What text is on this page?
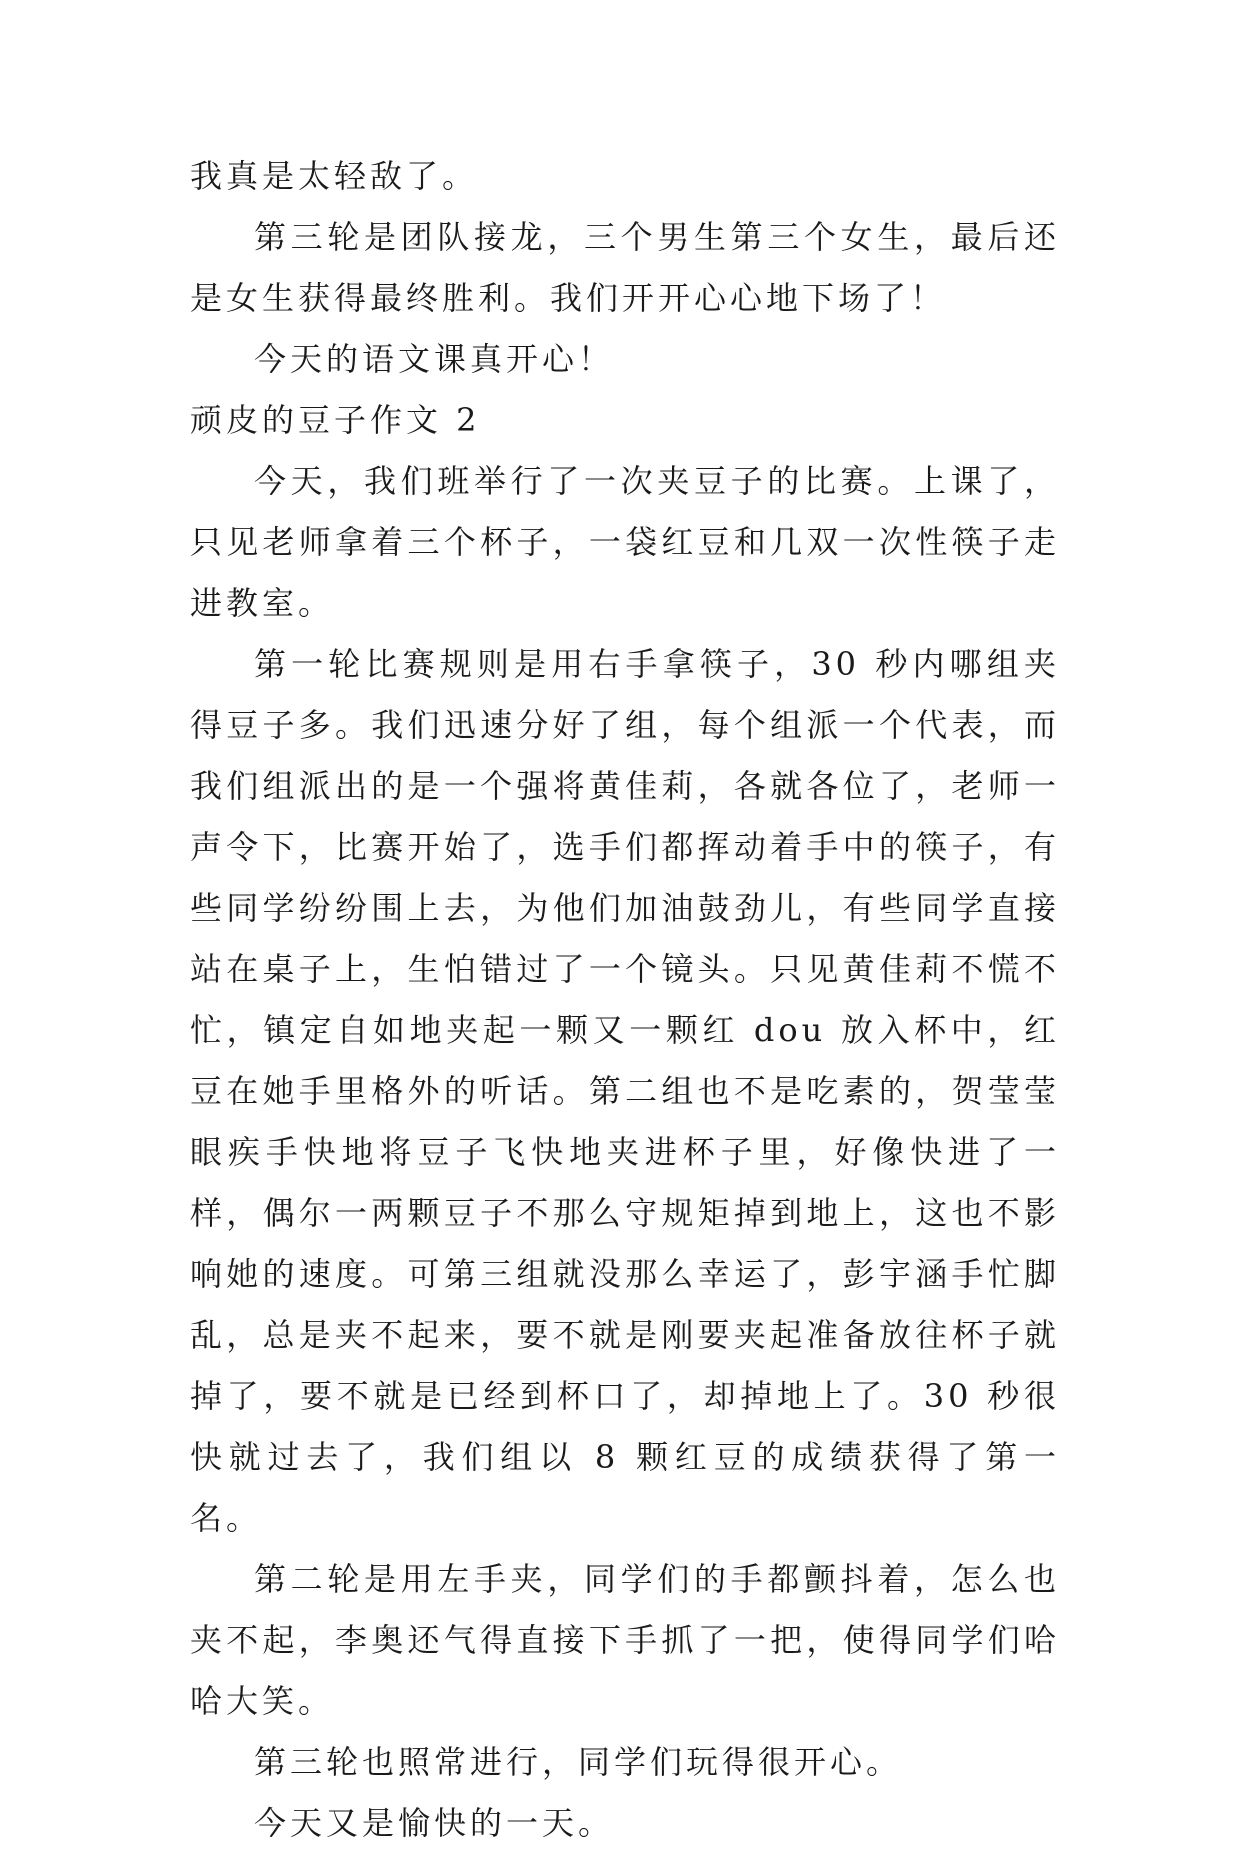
我真是太轻敌了。

第三轮是团队接龙，三个男生第三个女生，最后还是女生获得最终胜利。我们开开心心地下场了！

今天的语文课真开心！

顽皮的豆子作文 2

今天，我们班举行了一次夹豆子的比赛。上课了，只见老师拿着三个杯子，一袋红豆和几双一次性筷子走进教室。

第一轮比赛规则是用右手拿筷子，30 秒内哪组夹得豆子多。我们迅速分好了组，每个组派一个代表，而我们组派出的是一个强将黄佳莉，各就各位了，老师一声令下，比赛开始了，选手们都挥动着手中的筷子，有些同学纷纷围上去，为他们加油鼓劲儿，有些同学直接站在桌子上，生怕错过了一个镜头。只见黄佳莉不慌不忙，镇定自如地夹起一颗又一颗红 dou 放入杯中，红豆在她手里格外的听话。第二组也不是吃素的，贺莹莹眼疾手快地将豆子飞快地夹进杯子里，好像快进了一样，偶尔一两颗豆子不那么守规矩掉到地上，这也不影响她的速度。可第三组就没那么幸运了，彭宇涵手忙脚乱，总是夹不起来，要不就是刚要夹起准备放往杯子就掉了，要不就是已经到杯口了，却掉地上了。30 秒很快就过去了，我们组以 8 颗红豆的成绩获得了第一名。

第二轮是用左手夹，同学们的手都颤抖着，怎么也夹不起，李奥还气得直接下手抓了一把，使得同学们哈哈大笑。

第三轮也照常进行，同学们玩得很开心。

今天又是愉快的一天。
